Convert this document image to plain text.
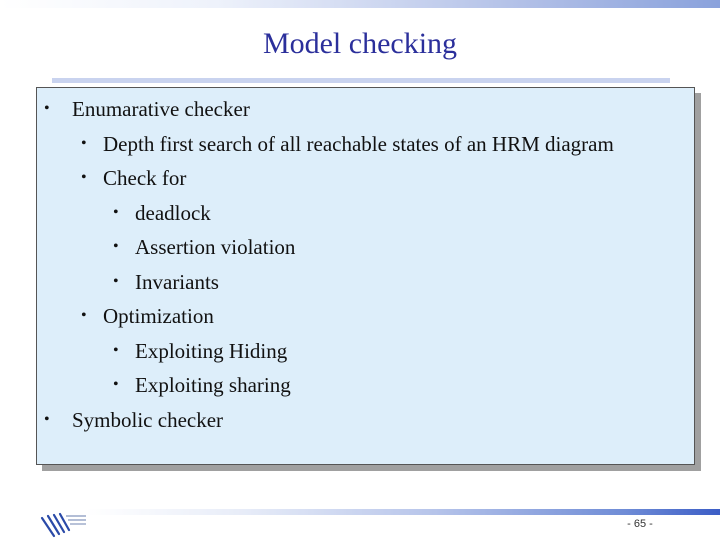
Model checking
• Enumarative checker
• Depth first search of all reachable states of an HRM diagram
• Check for
• deadlock
• Assertion violation
• Invariants
• Optimization
• Exploiting Hiding
• Exploiting sharing
• Symbolic checker
- 65 -
